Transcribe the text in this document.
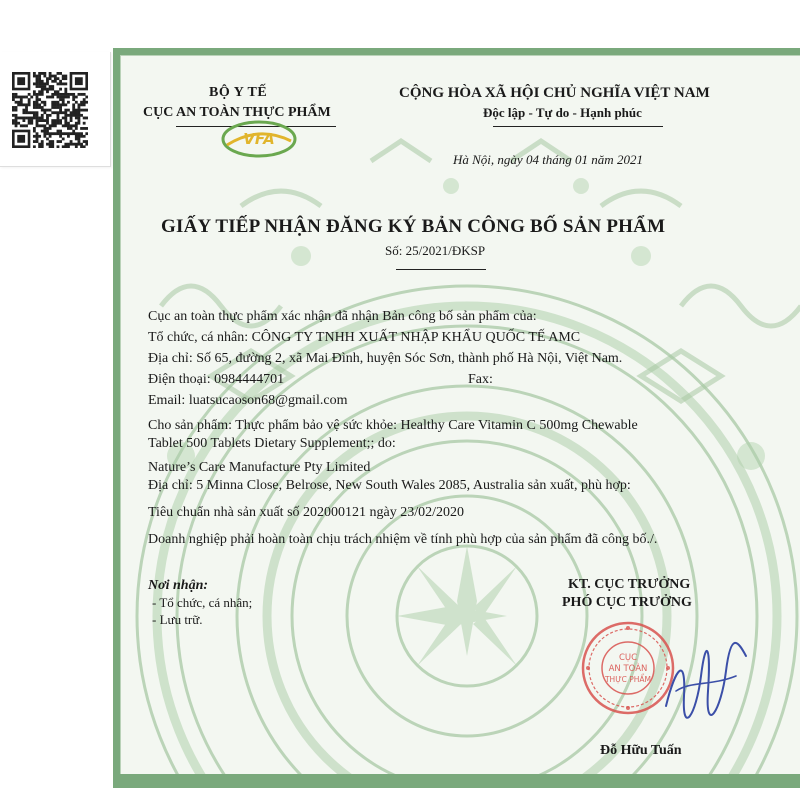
BỘ Y TẾ
CỤC AN TOÀN THỰC PHẨM
VFA
CỘNG HÒA XÃ HỘI CHỦ NGHĨA VIỆT NAM
Độc lập - Tự do - Hạnh phúc
Hà Nội, ngày 04 tháng 01 năm 2021
GIẤY TIẾP NHẬN ĐĂNG KÝ BẢN CÔNG BỐ SẢN PHẨM
Số: 25/2021/ĐKSP
Cục an toàn thực phẩm xác nhận đã nhận Bản công bố sản phẩm của:
Tổ chức, cá nhân: CÔNG TY TNHH XUẤT NHẬP KHẨU QUỐC TẾ AMC
Địa chỉ: Số 65, đường 2, xã Mai Đình, huyện Sóc Sơn, thành phố Hà Nội, Việt Nam.
Điện thoại: 0984444701	Fax:
Email: luatsucaoson68@gmail.com
Cho sản phẩm: Thực phẩm bảo vệ sức khỏe: Healthy Care Vitamin C 500mg Chewable
Tablet 500 Tablets Dietary Supplement;; do:
Nature’s Care Manufacture Pty Limited
Địa chỉ: 5 Minna Close, Belrose, New South Wales 2085, Australia sản xuất, phù hợp:
Tiêu chuẩn nhà sản xuất số 202000121 ngày 23/02/2020
Doanh nghiệp phải hoàn toàn chịu trách nhiệm về tính phù hợp của sản phẩm đã công bố./.
Nơi nhận:
- Tổ chức, cá nhân;
- Lưu trữ.
KT. CỤC TRƯỞNG
PHÓ CỤC TRƯỞNG
CỤC
AN TOÀN
THỰC PHẨM
Đỗ Hữu Tuấn
